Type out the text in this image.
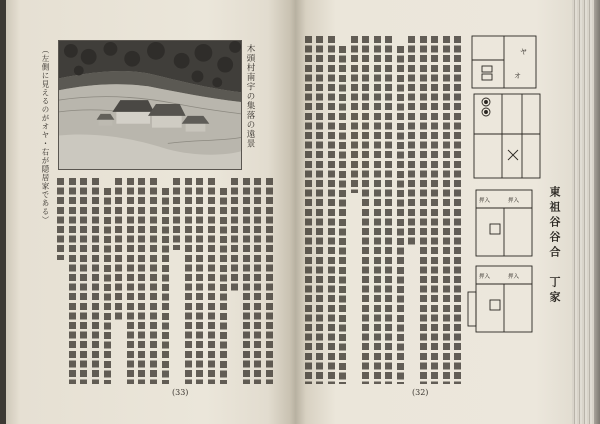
木頭村南宇の集落の遠景
（左側に見えるのがオヤ・右が隠居家である）	ヤ
オ
押入	押入
押入	押入	東祖谷谷合　丁家
(33)	(32)
